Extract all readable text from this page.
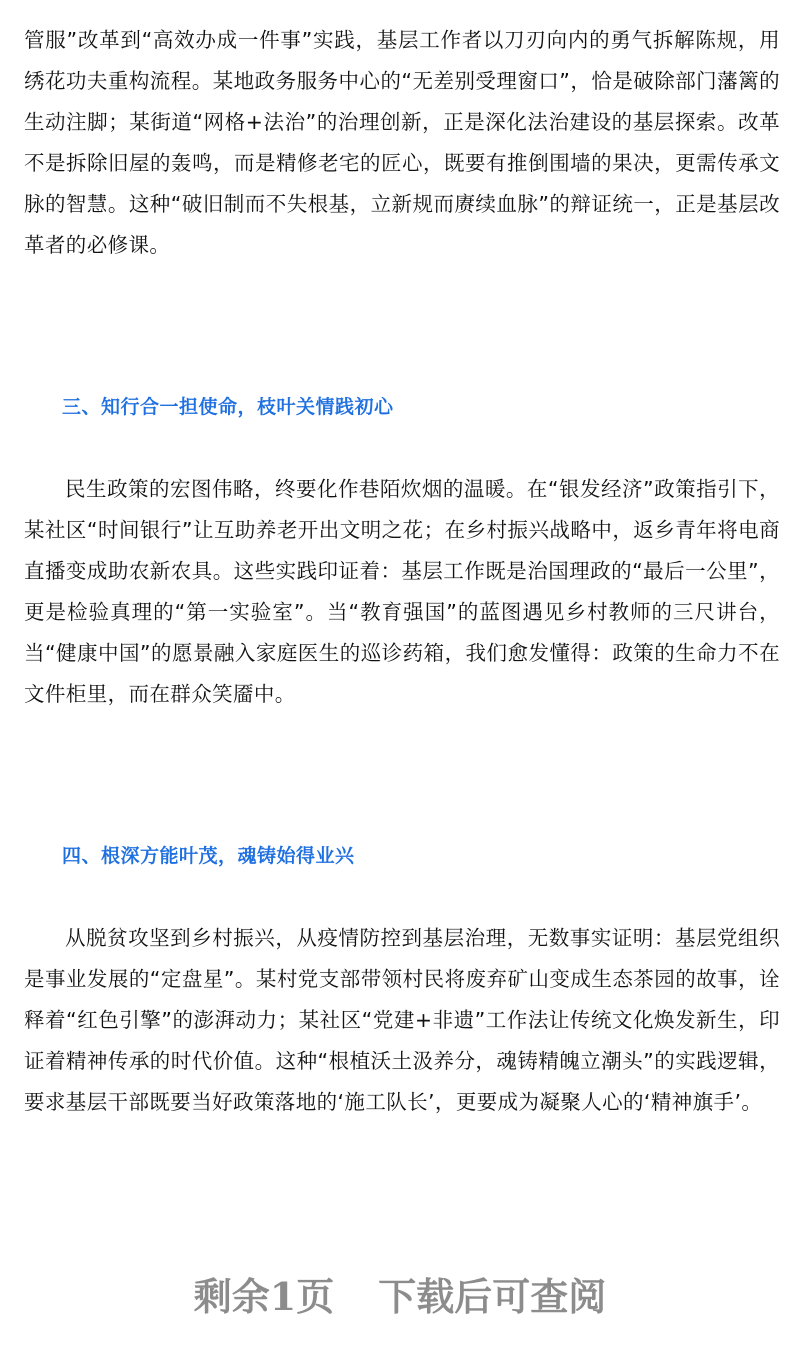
管服”改革到“高效办成一件事”实践，基层工作者以刀刃向内的勇气拆解陈规，用绣花功夫重构流程。某地政务服务中心的“无差别受理窗口”，恰是破除部门藩篱的生动注脚；某街道“网格+法治”的治理创新，正是深化法治建设的基层探索。改革不是拆除旧屋的轰鸣，而是精修老宅的匠心，既要有推倒围墙的果决，更需传承文脉的智慧。这种“破旧制而不失根基，立新规而赓续血脉”的辩证统一，正是基层改革者的必修课。

三、知行合一担使命，枝叶关情践初心

民生政策的宏图伟略，终要化作巷陌炊烟的温暖。在“银发经济”政策指引下，某社区“时间银行”让互助养老开出文明之花；在乡村振兴战略中，返乡青年将电商直播变成助农新农具。这些实践印证着：基层工作既是治国理政的“最后一公里”，更是检验真理的“第一实验室”。当“教育强国”的蓝图遇见乡村教师的三尺讲台，当“健康中国”的愿景融入家庭医生的巡诊药箱，我们愈发懂得：政策的生命力不在文件柜里，而在群众笑靥中。

四、根深方能叶茂，魂铸始得业兴

从脱贫攻坚到乡村振兴，从疫情防控到基层治理，无数事实证明：基层党组织是事业发展的“定盘星”。某村党支部带领村民将废弃矿山变成生态茶园的故事，诠释着“红色引擎”的澎湃动力；某社区“党建+非遗”工作法让传统文化焕发新生，印证着精神传承的时代价值。这种“根植沃土汲养分，魂铸精魄立潮头”的实践逻辑，要求基层干部既要当好政策落地的‘施工队长’，更要成为凝聚人心的‘精神旗手’。

剩余1页 下载后可查阅
